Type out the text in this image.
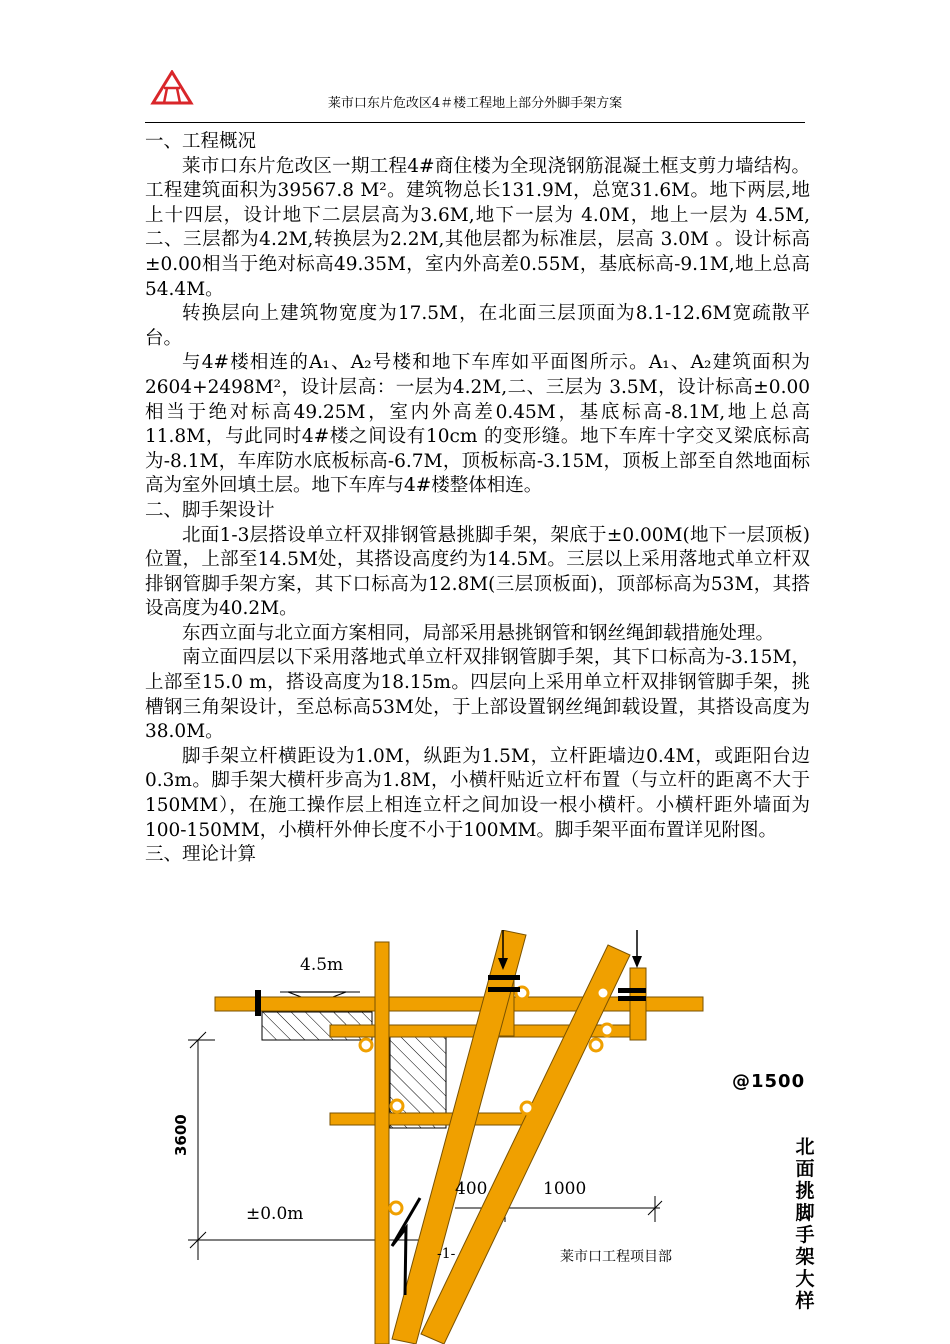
莱市口东片危改区4＃楼工程地上部分外脚手架方案

一、工程概况

莱市口东片危改区一期工程4#商住楼为全现浇钢筋混凝土框支剪力墙结构。工程建筑面积为39567.8 M²。建筑物总长131.9M，总宽31.6M。地下两层,地上十四层，设计地下二层层高为3.6M,地下一层为 4.0M，地上一层为 4.5M,二、三层都为4.2M,转换层为2.2M,其他层都为标准层，层高 3.0M 。设计标高±0.00相当于绝对标高49.35M，室内外高差0.55M，基底标高-9.1M,地上总高54.4M。

转换层向上建筑物宽度为17.5M，在北面三层顶面为8.1-12.6M宽疏散平台。

与4#楼相连的A₁、A₂号楼和地下车库如平面图所示。A₁、A₂建筑面积为2604+2498M²，设计层高：一层为4.2M,二、三层为 3.5M，设计标高±0.00相当于绝对标高49.25M，室内外高差0.45M，基底标高-8.1M,地上总高11.8M，与此同时4#楼之间设有10cm 的变形缝。地下车库十字交叉梁底标高为-8.1M，车库防水底板标高-6.7M，顶板标高-3.15M，顶板上部至自然地面标高为室外回填土层。地下车库与4#楼整体相连。

二、脚手架设计

北面1-3层搭设单立杆双排钢管悬挑脚手架，架底于±0.00M(地下一层顶板)位置，上部至14.5M处，其搭设高度约为14.5M。三层以上采用落地式单立杆双排钢管脚手架方案，其下口标高为12.8M(三层顶板面)，顶部标高为53M，其搭设高度为40.2M。

东西立面与北立面方案相同，局部采用悬挑钢管和钢丝绳卸载措施处理。

南立面四层以下采用落地式单立杆双排钢管脚手架，其下口标高为-3.15M，上部至15.0 m，搭设高度为18.15m。四层向上采用单立杆双排钢管脚手架，挑槽钢三角架设计，至总标高53M处，于上部设置钢丝绳卸载设置，其搭设高度为38.0M。

脚手架立杆横距设为1.0M，纵距为1.5M，立杆距墙边0.4M，或距阳台边0.3m。脚手架大横杆步高为1.8M，小横杆贴近立杆布置（与立杆的距离不大于150MM），在施工操作层上相连立杆之间加设一根小横杆。小横杆距外墙面为100-150MM，小横杆外伸长度不小于100MM。脚手架平面布置详见附图。

三、理论计算

4.5m
±0.0m
400	1000
3600
@1500
北面挑脚手架大样
-1-	莱市口工程项目部
